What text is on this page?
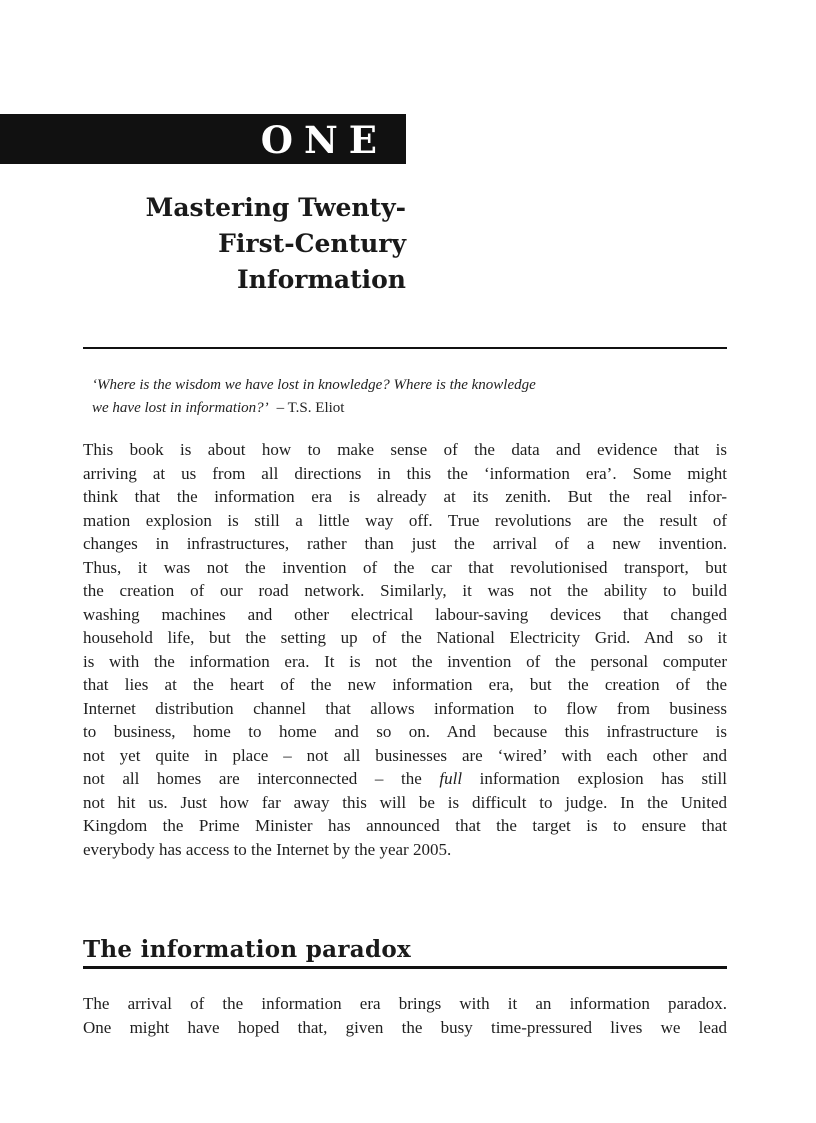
ONE
Mastering Twenty-
First-Century
Information

‘Where is the wisdom we have lost in knowledge? Where is the knowledge
we have lost in information?’ – T.S. Eliot

This book is about how to make sense of the data and evidence that is
arriving at us from all directions in this the ‘information era’. Some might
think that the information era is already at its zenith. But the real infor-
mation explosion is still a little way off. True revolutions are the result of
changes in infrastructures, rather than just the arrival of a new invention.
Thus, it was not the invention of the car that revolutionised transport, but
the creation of our road network. Similarly, it was not the ability to build
washing machines and other electrical labour-saving devices that changed
household life, but the setting up of the National Electricity Grid. And so it
is with the information era. It is not the invention of the personal computer
that lies at the heart of the new information era, but the creation of the
Internet distribution channel that allows information to flow from business
to business, home to home and so on. And because this infrastructure is
not yet quite in place – not all businesses are ‘wired’ with each other and
not all homes are interconnected – the full information explosion has still
not hit us. Just how far away this will be is difficult to judge. In the United
Kingdom the Prime Minister has announced that the target is to ensure that
everybody has access to the Internet by the year 2005.

The information paradox

The arrival of the information era brings with it an information paradox.
One might have hoped that, given the busy time-pressured lives we lead
